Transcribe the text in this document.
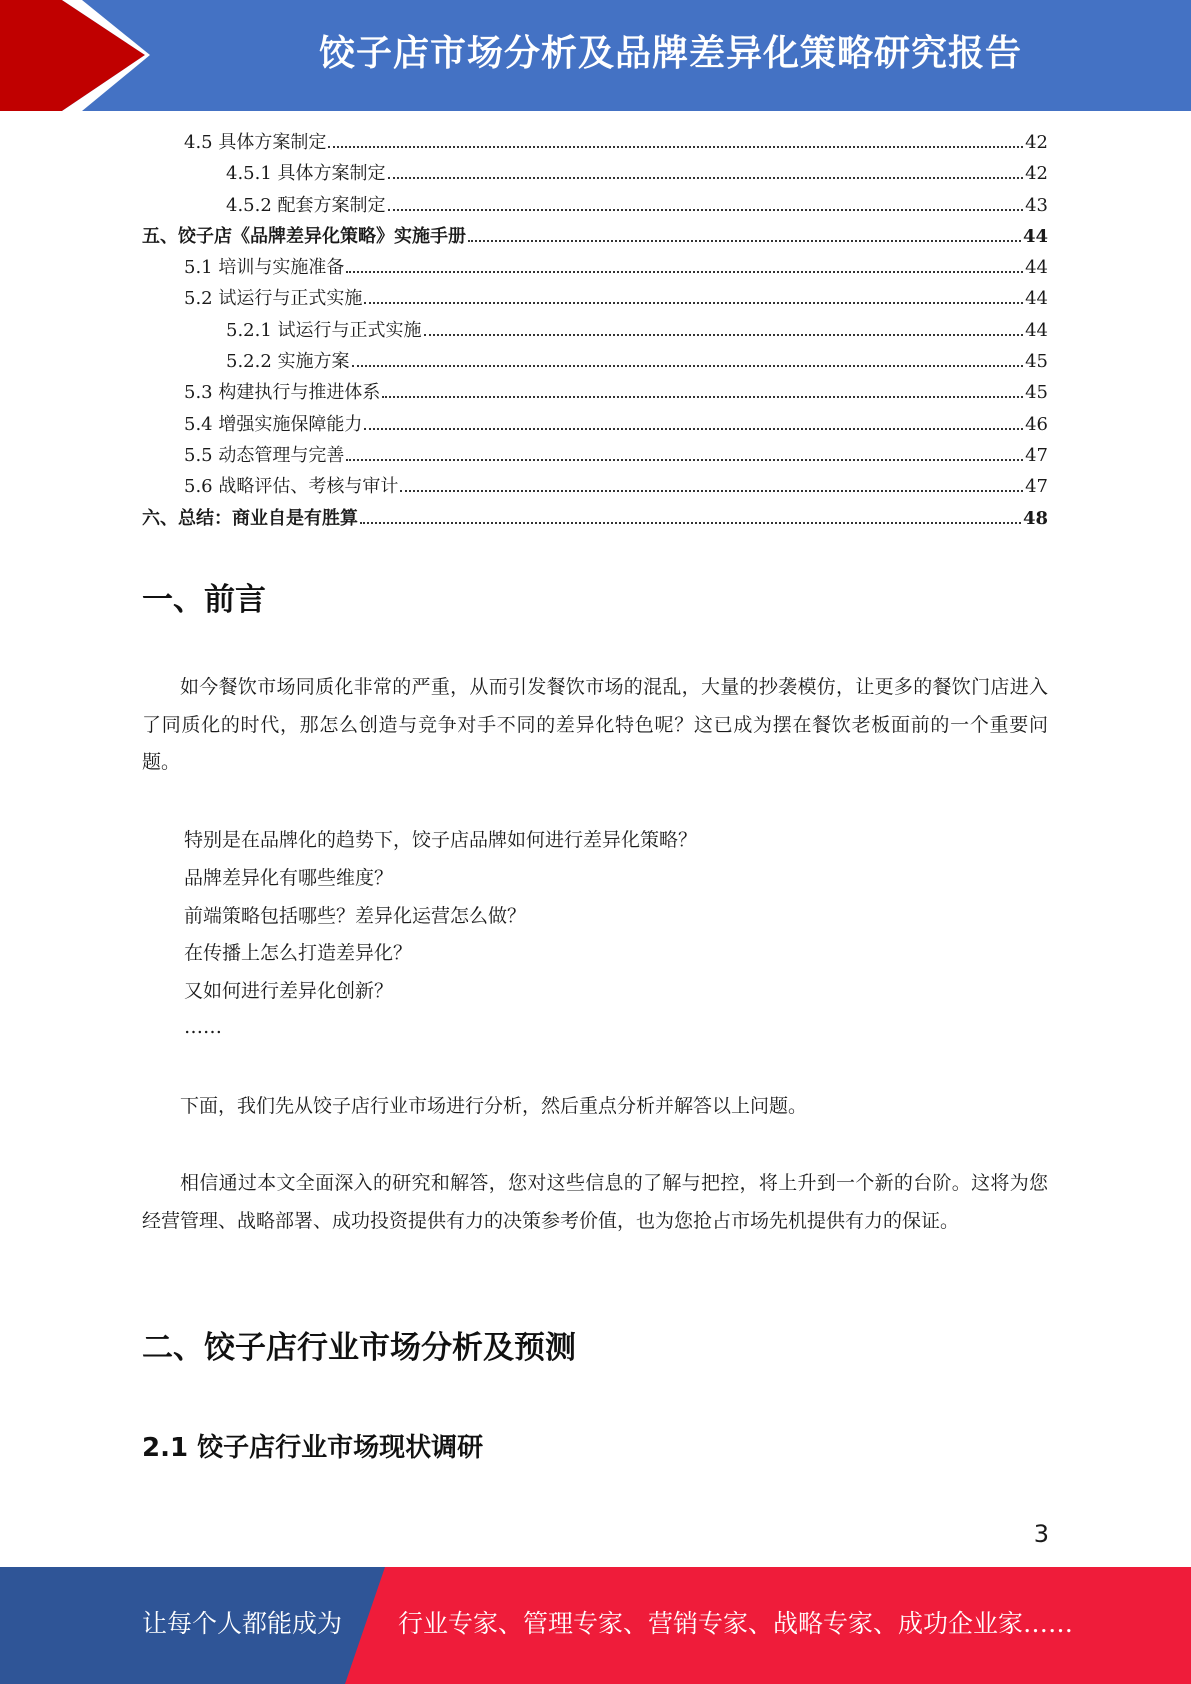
饺子店市场分析及品牌差异化策略研究报告
4.5 具体方案制定	42
4.5.1 具体方案制定	42
4.5.2 配套方案制定	43
五、饺子店《品牌差异化策略》实施手册	44
5.1 培训与实施准备	44
5.2 试运行与正式实施	44
5.2.1 试运行与正式实施	44
5.2.2 实施方案	45
5.3 构建执行与推进体系	45
5.4 增强实施保障能力	46
5.5 动态管理与完善	47
5.6 战略评估、考核与审计	47
六、总结：商业自是有胜算	48
一、前言

如今餐饮市场同质化非常的严重，从而引发餐饮市场的混乱，大量的抄袭模仿，让更多的餐饮门店进入了同质化的时代，那怎么创造与竞争对手不同的差异化特色呢？这已成为摆在餐饮老板面前的一个重要问题。

特别是在品牌化的趋势下，饺子店品牌如何进行差异化策略？

品牌差异化有哪些维度？

前端策略包括哪些？差异化运营怎么做？

在传播上怎么打造差异化？

又如何进行差异化创新？

……

下面，我们先从饺子店行业市场进行分析，然后重点分析并解答以上问题。

相信通过本文全面深入的研究和解答，您对这些信息的了解与把控，将上升到一个新的台阶。这将为您经营管理、战略部署、成功投资提供有力的决策参考价值，也为您抢占市场先机提供有力的保证。

二、饺子店行业市场分析及预测
2.1 饺子店行业市场现状调研
3
让每个人都能成为 行业专家、管理专家、营销专家、战略专家、成功企业家……
